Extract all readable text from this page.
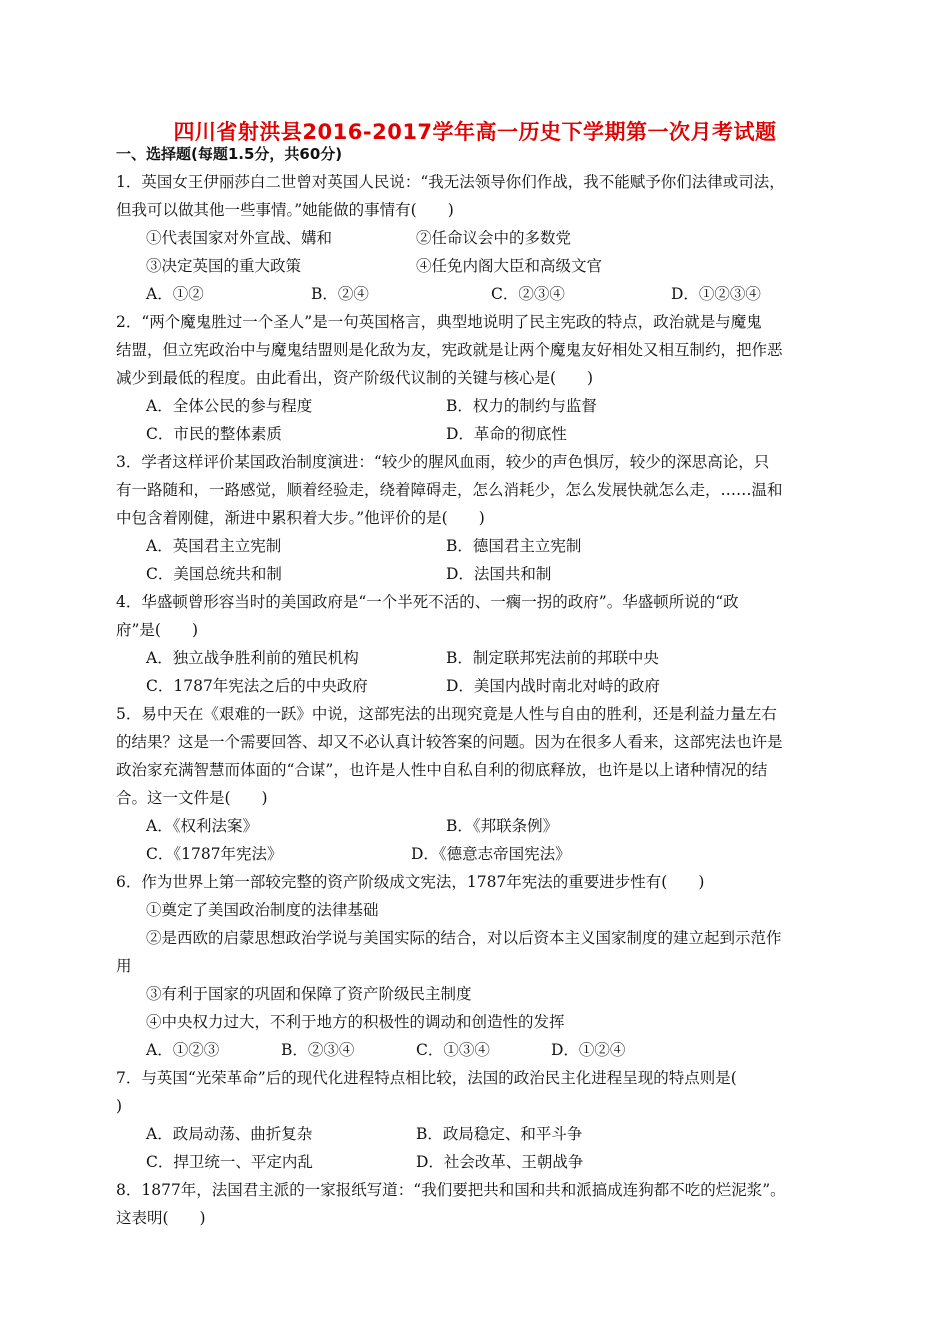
四川省射洪县2016-2017学年高一历史下学期第一次月考试题
一、选择题(每题1.5分，共60分)
1．英国女王伊丽莎白二世曾对英国人民说：“我无法领导你们作战，我不能赋予你们法律或司法，
但我可以做其他一些事情。”她能做的事情有(　　)
①代表国家对外宣战、媾和	②任命议会中的多数党
③决定英国的重大政策	④任免内阁大臣和高级文官
A．①②	B．②④	C．②③④	D．①②③④
2．“两个魔鬼胜过一个圣人”是一句英国格言，典型地说明了民主宪政的特点，政治就是与魔鬼
结盟，但立宪政治中与魔鬼结盟则是化敌为友，宪政就是让两个魔鬼友好相处又相互制约，把作恶
减少到最低的程度。由此看出，资产阶级代议制的关键与核心是(　　)
A．全体公民的参与程度	B．权力的制约与监督
C．市民的整体素质	D．革命的彻底性
3．学者这样评价某国政治制度演进：“较少的腥风血雨，较少的声色惧厉，较少的深思高论，只
有一路随和，一路感觉，顺着经验走，绕着障碍走，怎么消耗少，怎么发展快就怎么走，……温和
中包含着刚健，渐进中累积着大步。”他评价的是(　　)
A．英国君主立宪制	B．德国君主立宪制
C．美国总统共和制	D．法国共和制
4．华盛顿曾形容当时的美国政府是“一个半死不活的、一瘸一拐的政府”。华盛顿所说的“政
府”是(　　)
A．独立战争胜利前的殖民机构	B．制定联邦宪法前的邦联中央
C．1787年宪法之后的中央政府	D．美国内战时南北对峙的政府
5．易中天在《艰难的一跃》中说，这部宪法的出现究竟是人性与自由的胜利，还是利益力量左右
的结果？这是一个需要回答、却又不必认真计较答案的问题。因为在很多人看来，这部宪法也许是
政治家充满智慧而体面的“合谋”，也许是人性中自私自利的彻底释放，也许是以上诸种情况的结
合。这一文件是(　　)
A．《权利法案》	B．《邦联条例》
C．《1787年宪法》	D．《德意志帝国宪法》
6．作为世界上第一部较完整的资产阶级成文宪法，1787年宪法的重要进步性有(　　)
①奠定了美国政治制度的法律基础
②是西欧的启蒙思想政治学说与美国实际的结合，对以后资本主义国家制度的建立起到示范作
用
③有利于国家的巩固和保障了资产阶级民主制度
④中央权力过大，不利于地方的积极性的调动和创造性的发挥
A．①②③	B．②③④	C．①③④	D．①②④
7．与英国“光荣革命”后的现代化进程特点相比较，法国的政治民主化进程呈现的特点则是(
)
A．政局动荡、曲折复杂	B．政局稳定、和平斗争
C．捍卫统一、平定内乱	D．社会改革、王朝战争
8．1877年，法国君主派的一家报纸写道：“我们要把共和国和共和派搞成连狗都不吃的烂泥浆”。
这表明(　　)
